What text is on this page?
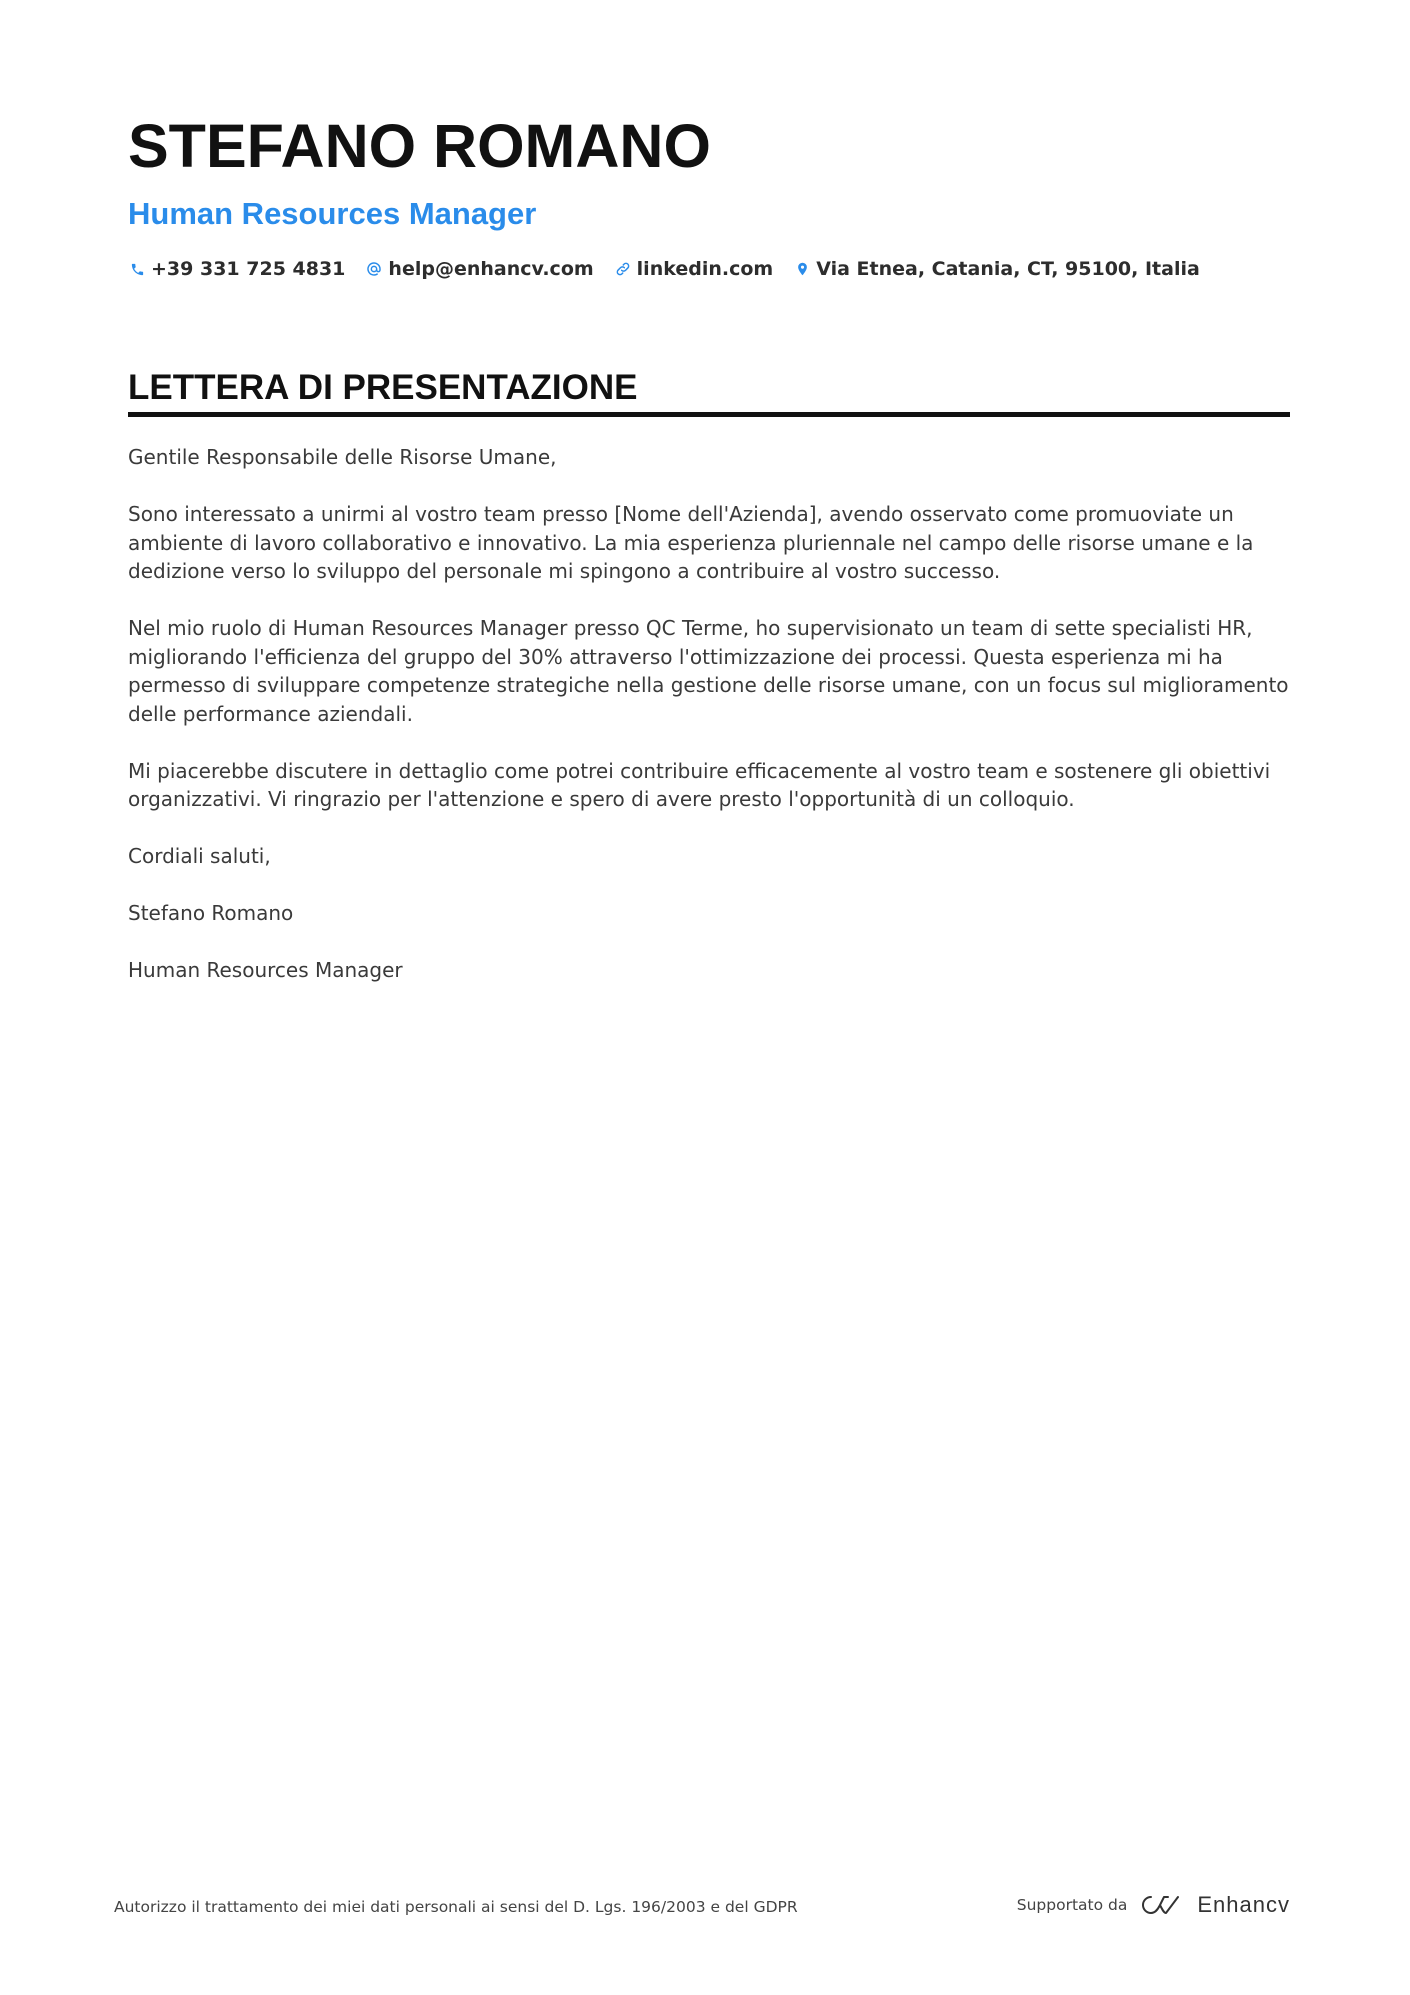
STEFANO ROMANO
Human Resources Manager
+39 331 725 4831 help@enhancv.com linkedin.com Via Etnea, Catania, CT, 95100, Italia
LETTERA DI PRESENTAZIONE

Gentile Responsabile delle Risorse Umane,

Sono interessato a unirmi al vostro team presso [Nome dell'Azienda], avendo osservato come promuoviate un ambiente di lavoro collaborativo e innovativo. La mia esperienza pluriennale nel campo delle risorse umane e la dedizione verso lo sviluppo del personale mi spingono a contribuire al vostro successo.

Nel mio ruolo di Human Resources Manager presso QC Terme, ho supervisionato un team di sette specialisti HR, migliorando l'efficienza del gruppo del 30% attraverso l'ottimizzazione dei processi. Questa esperienza mi ha permesso di sviluppare competenze strategiche nella gestione delle risorse umane, con un focus sul miglioramento delle performance aziendali.

Mi piacerebbe discutere in dettaglio come potrei contribuire efficacemente al vostro team e sostenere gli obiettivi organizzativi. Vi ringrazio per l'attenzione e spero di avere presto l'opportunità di un colloquio.

Cordiali saluti,

Stefano Romano

Human Resources Manager

Autorizzo il trattamento dei miei dati personali ai sensi del D. Lgs. 196/2003 e del GDPR	Supportato da	Enhancv
